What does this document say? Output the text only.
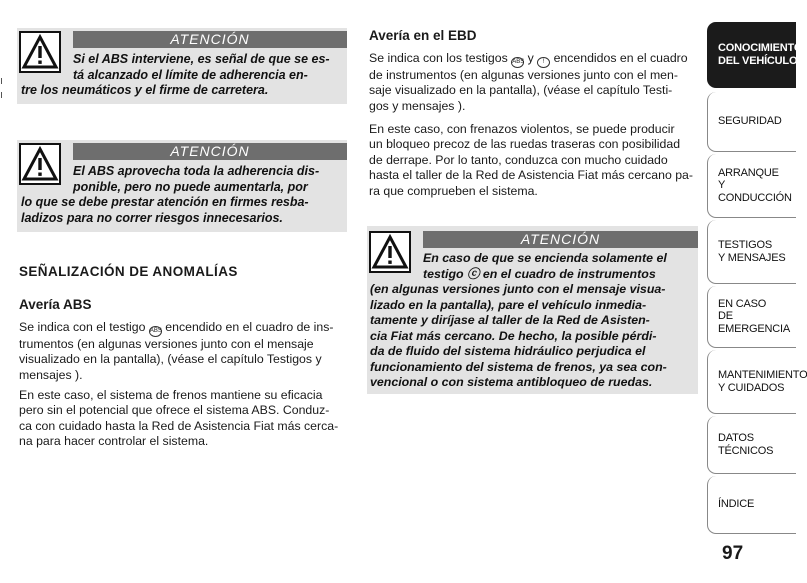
ATENCIÓN
Si el ABS interviene, es señal de que se es-
tá alcanzado el límite de adherencia en-
tre los neumáticos y el firme de carretera.
ATENCIÓN
El ABS aprovecha toda la adherencia dis-
ponible, pero no puede aumentarla, por
lo que se debe prestar atención en firmes resba-
ladizos para no correr riesgos innecesarios.
SEÑALIZACIÓN DE ANOMALÍAS
Avería ABS
Se indica con el testigo ABS encendido en el cuadro de ins-
trumentos (en algunas versiones junto con el mensaje
visualizado en la pantalla), (véase el capítulo Testigos y
mensajes ).
En este caso, el sistema de frenos mantiene su eficacia
pero sin el potencial que ofrece el sistema ABS. Conduz-
ca con cuidado hasta la Red de Asistencia Fiat más cerca-
na para hacer controlar el sistema.
Avería en el EBD
Se indica con los testigos ABS y ! encendidos en el cuadro
de instrumentos (en algunas versiones junto con el men-
saje visualizado en la pantalla), (véase el capítulo Testi-
gos y mensajes ).
En este caso, con frenazos violentos, se puede producir
un bloqueo precoz de las ruedas traseras con posibilidad
de derrape. Por lo tanto, conduzca con mucho cuidado
hasta el taller de la Red de Asistencia Fiat más cercano pa-
ra que comprueben el sistema.
ATENCIÓN
En caso de que se encienda solamente el
testigo ⓒ en el cuadro de instrumentos
(en algunas versiones junto con el mensaje visua-
lizado en la pantalla), pare el vehículo inmedia-
tamente y diríjase al taller de la Red de Asisten-
cia Fiat más cercano. De hecho, la posible pérdi-
da de fluido del sistema hidráulico perjudica el
funcionamiento del sistema de frenos, ya sea con-
vencional o con sistema antibloqueo de ruedas.
CONOCIMIENTO
DEL VEHÍCULO
SEGURIDAD
ARRANQUE
Y CONDUCCIÓN
TESTIGOS
Y MENSAJES
EN CASO
DE EMERGENCIA
MANTENIMIENTO
Y CUIDADOS
DATOS TÉCNICOS
ÍNDICE
97
